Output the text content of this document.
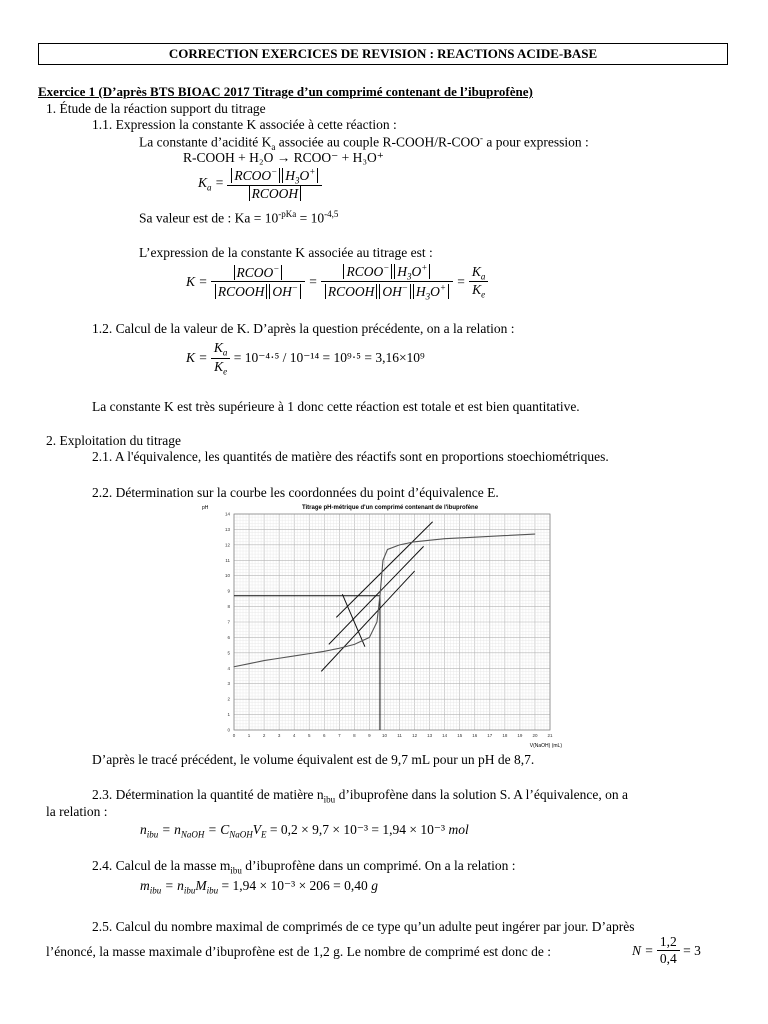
CORRECTION EXERCICES DE REVISION : REACTIONS ACIDE-BASE
Exercice 1 (D’après BTS BIOAC 2017 Titrage d’un comprimé contenant de l’ibuprofène)
1. Étude de la réaction support du titrage
1.1. Expression la constante K associée à cette réaction :
La constante d’acidité $K_a$ associée au couple R-COOH/R-COO- a pour expression :
R-COOH + H₂O → RCOO⁻ + H₃O⁺
$K_a = \frac{RCOO^- H_3O^+}{\text{RCOOH}}$
Sa valeur est de : $Ka = 10^{-pKa} = 10^{-4,5}$
L’expression de la constante K associée au titrage est :
$K = \frac{RCOO^-}{RCOOH OH^-} = \frac{RCOO^- H_3O^+}{RCOOH OH^- H_3O^+} = \frac{K_a}{K_e}$
1.2. Calcul de la valeur de K. D’après la question précédente, on a la relation :
$K = \frac{K_a}{K_e} = 10^{-4}\cdot^5 / 10^{-14} = 10^9\cdot^5 = 3,16\times 10^9$
La constante K est très supérieure à 1 donc cette réaction est totale et est bien quantitative.
2. Exploitation du titrage
2.1. A l'équivalence, les quantités de matière des réactifs sont en proportions stoechiométriques.
2.2. Détermination sur la courbe les coordonnées du point d’équivalence E.
Titrage pH-métrique d'un comprimé contenant de l'ibuprofène
pH
V(NaOH) (mL)
0	1	2	3	4	5	6	7	8	9	10 11 12 13 14 15 16 17 18 19 20 21
0
1
2
3
4
5
6
7
8
9
10
11
12
13
14
D’après le tracé précédent, le volume équivalent est de 9,7 mL pour un pH de 8,7.
2.3. Détermination la quantité de matière $n_{ibu}$ d’ibuprofène dans la solution S. A l’équivalence, on a
la relation :
$n_{ibu} = n_{NaOH} = C_{NaOH}V_E = 0,2 \times 9,7 \times 10^{-3} = 1,94 \times 10^{-3}$ mol
2.4. Calcul de la masse $m_{ibu}$ d’ibuprofène dans un comprimé. On a la relation :
$m_{ibu} = n_{ibu}M_{ibu} = 1,94 \times 10^{-3} \times 206 = 0,40$ g
2.5. Calcul du nombre maximal de comprimés de ce type qu’un adulte peut ingérer par jour. D’après
l’énoncé, la masse maximale d’ibuprofène est de 1,2 g. Le nombre de comprimé est donc de :	$N = \frac{1,2}{0,4} = 3$
